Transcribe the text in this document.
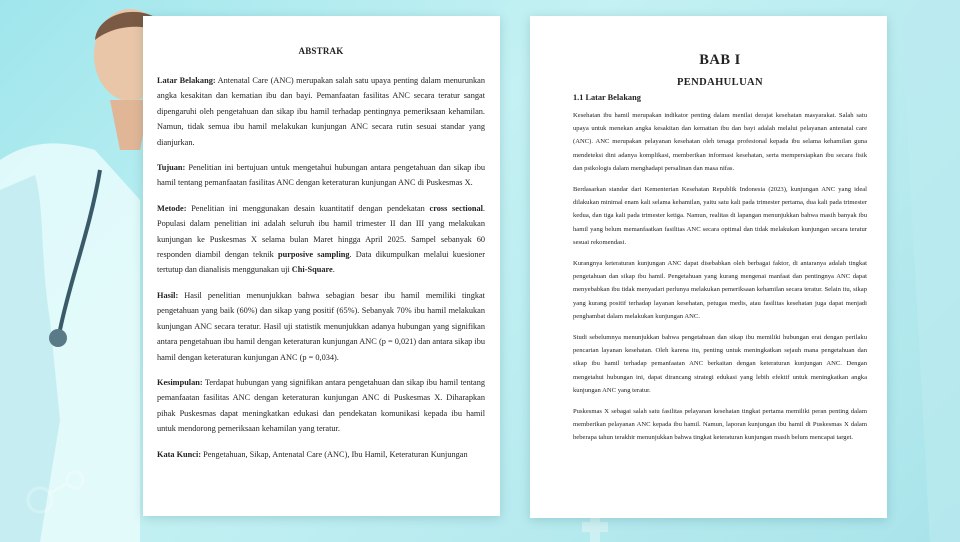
ABSTRAK

Latar Belakang: Antenatal Care (ANC) merupakan salah satu upaya penting dalam menurunkan angka kesakitan dan kematian ibu dan bayi. Pemanfaatan fasilitas ANC secara teratur sangat dipengaruhi oleh pengetahuan dan sikap ibu hamil terhadap pentingnya pemeriksaan kehamilan. Namun, tidak semua ibu hamil melakukan kunjungan ANC secara rutin sesuai standar yang dianjurkan.

Tujuan: Penelitian ini bertujuan untuk mengetahui hubungan antara pengetahuan dan sikap ibu hamil tentang pemanfaatan fasilitas ANC dengan keteraturan kunjungan ANC di Puskesmas X.

Metode: Penelitian ini menggunakan desain kuantitatif dengan pendekatan cross sectional. Populasi dalam penelitian ini adalah seluruh ibu hamil trimester II dan III yang melakukan kunjungan ke Puskesmas X selama bulan Maret hingga April 2025. Sampel sebanyak 60 responden diambil dengan teknik purposive sampling. Data dikumpulkan melalui kuesioner tertutup dan dianalisis menggunakan uji Chi-Square.

Hasil: Hasil penelitian menunjukkan bahwa sebagian besar ibu hamil memiliki tingkat pengetahuan yang baik (60%) dan sikap yang positif (65%). Sebanyak 70% ibu hamil melakukan kunjungan ANC secara teratur. Hasil uji statistik menunjukkan adanya hubungan yang signifikan antara pengetahuan ibu hamil dengan keteraturan kunjungan ANC (p = 0,021) dan antara sikap ibu hamil dengan keteraturan kunjungan ANC (p = 0,034).

Kesimpulan: Terdapat hubungan yang signifikan antara pengetahuan dan sikap ibu hamil tentang pemanfaatan fasilitas ANC dengan keteraturan kunjungan ANC di Puskesmas X. Diharapkan pihak Puskesmas dapat meningkatkan edukasi dan pendekatan komunikasi kepada ibu hamil untuk mendorong pemeriksaan kehamilan yang teratur.

Kata Kunci: Pengetahuan, Sikap, Antenatal Care (ANC), Ibu Hamil, Keteraturan Kunjungan

BAB I
PENDAHULUAN
1.1 Latar Belakang

Kesehatan ibu hamil merupakan indikator penting dalam menilai derajat kesehatan masyarakat. Salah satu upaya untuk menekan angka kesakitan dan kematian ibu dan bayi adalah melalui pelayanan antenatal care (ANC). ANC merupakan pelayanan kesehatan oleh tenaga profesional kepada ibu selama kehamilan guna mendeteksi dini adanya komplikasi, memberikan informasi kesehatan, serta mempersiapkan ibu secara fisik dan psikologis dalam menghadapi persalinan dan masa nifas.

Berdasarkan standar dari Kementerian Kesehatan Republik Indonesia (2023), kunjungan ANC yang ideal dilakukan minimal enam kali selama kehamilan, yaitu satu kali pada trimester pertama, dua kali pada trimester kedua, dan tiga kali pada trimester ketiga. Namun, realitas di lapangan menunjukkan bahwa masih banyak ibu hamil yang belum memanfaatkan fasilitas ANC secara optimal dan tidak melakukan kunjungan secara teratur sesuai rekomendasi.

Kurangnya keteraturan kunjungan ANC dapat disebabkan oleh berbagai faktor, di antaranya adalah tingkat pengetahuan dan sikap ibu hamil. Pengetahuan yang kurang mengenai manfaat dan pentingnya ANC dapat menyebabkan ibu tidak menyadari perlunya melakukan pemeriksaan kehamilan secara teratur. Selain itu, sikap yang kurang positif terhadap layanan kesehatan, petugas medis, atau fasilitas kesehatan juga dapat menjadi penghambat dalam melakukan kunjungan ANC.

Studi sebelumnya menunjukkan bahwa pengetahuan dan sikap ibu memiliki hubungan erat dengan perilaku pencarian layanan kesehatan. Oleh karena itu, penting untuk meningkatkan sejauh mana pengetahuan dan sikap ibu hamil terhadap pemanfaatan ANC berkaitan dengan keteraturan kunjungan ANC. Dengan mengetahui hubungan ini, dapat dirancang strategi edukasi yang lebih efektif untuk meningkatkan angka kunjungan ANC yang teratur.

Puskesmas X sebagai salah satu fasilitas pelayanan kesehatan tingkat pertama memiliki peran penting dalam memberikan pelayanan ANC kepada ibu hamil. Namun, laporan kunjungan ibu hamil di Puskesmas X dalam beberapa tahun terakhir menunjukkan bahwa tingkat keteraturan kunjungan masih belum mencapai target.
